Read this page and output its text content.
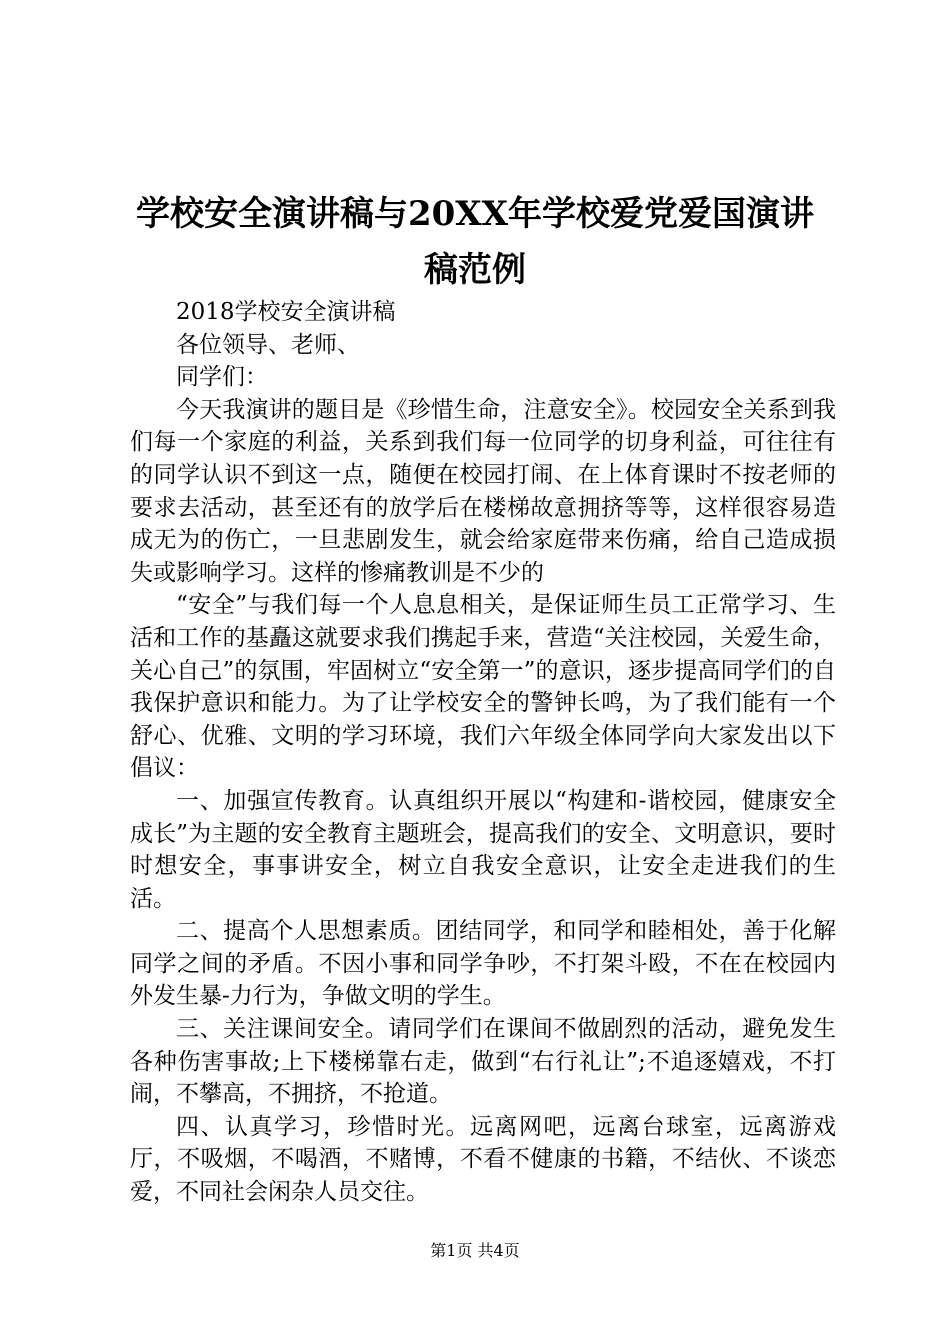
学校安全演讲稿与20XX年学校爱党爱国演讲稿范例

2018学校安全演讲稿

各位领导、老师、

同学们：

今天我演讲的题目是《珍惜生命，注意安全》。校园安全关系到我们每一个家庭的利益，关系到我们每一位同学的切身利益，可往往有的同学认识不到这一点，随便在校园打闹、在上体育课时不按老师的要求去活动，甚至还有的放学后在楼梯故意拥挤等等，这样很容易造成无为的伤亡，一旦悲剧发生，就会给家庭带来伤痛，给自己造成损失或影响学习。这样的惨痛教训是不少的

“安全”与我们每一个人息息相关，是保证师生员工正常学习、生活和工作的基矗这就要求我们携起手来，营造“关注校园，关爱生命，关心自己”的氛围，牢固树立“安全第一”的意识，逐步提高同学们的自我保护意识和能力。为了让学校安全的警钟长鸣，为了我们能有一个舒心、优雅、文明的学习环境，我们六年级全体同学向大家发出以下倡议：

一、加强宣传教育。认真组织开展以“构建和-谐校园，健康安全成长”为主题的安全教育主题班会，提高我们的安全、文明意识，要时时想安全，事事讲安全，树立自我安全意识，让安全走进我们的生活。

二、提高个人思想素质。团结同学，和同学和睦相处，善于化解同学之间的矛盾。不因小事和同学争吵，不打架斗殴，不在在校园内外发生暴-力行为，争做文明的学生。

三、关注课间安全。请同学们在课间不做剧烈的活动，避免发生各种伤害事故;上下楼梯靠右走，做到“右行礼让”;不追逐嬉戏，不打闹，不攀高，不拥挤，不抢道。

四、认真学习，珍惜时光。远离网吧，远离台球室，远离游戏厅，不吸烟，不喝酒，不赌博，不看不健康的书籍，不结伙、不谈恋爱，不同社会闲杂人员交往。

第1页 共4页
